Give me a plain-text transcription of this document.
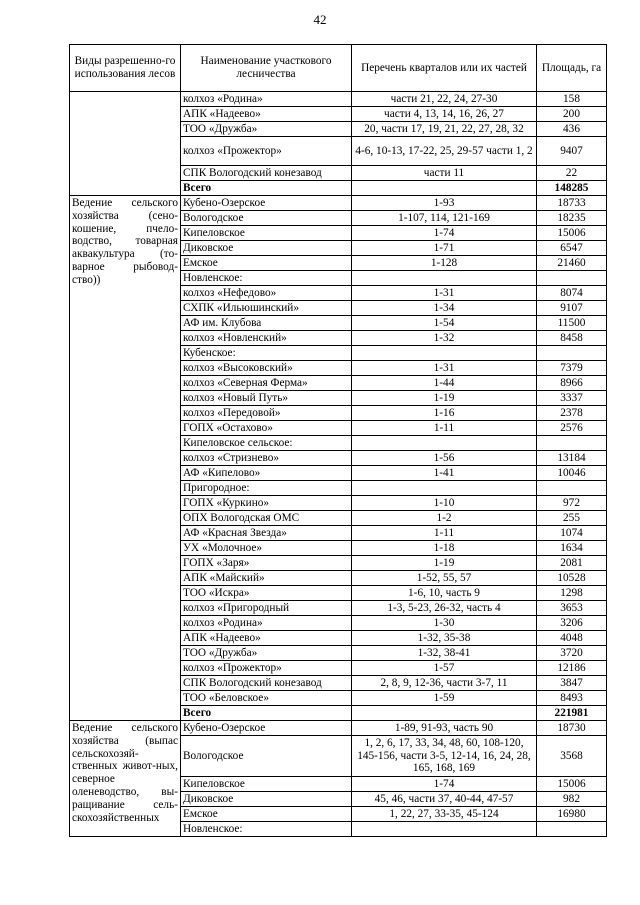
42
Виды разрешенно-го использования лесов	Наименование участкового лесничества	Перечень кварталов или их частей	Площадь, га
	колхоз «Родина»	части 21, 22, 24, 27-30	158
	АПК «Надеево»	части 4, 13, 14, 16, 26, 27	200
	ТОО «Дружба»	20, части 17, 19, 21, 22, 27, 28, 32	436
	колхоз «Прожектор»	4-6, 10-13, 17-22, 25, 29-57 части 1, 2	9407
	СПК Вологодский конезавод	части 11	22
	Всего		148285
Ведение сельского хозяйства (сено-кошение, пчело-водство, товарная аквакультура (то-варное рыбовод-ство))	Кубено-Озерское	1-93	18733
	Вологодское	1-107, 114, 121-169	18235
	Кипеловское	1-74	15006
	Диковское	1-71	6547
	Емское	1-128	21460
	Новленское:		
	колхоз «Нефедово»	1-31	8074
	СХПК «Ильюшинский»	1-34	9107
	АФ им. Клубова	1-54	11500
	колхоз «Новленский»	1-32	8458
	Кубенское:		
	колхоз «Высоковский»	1-31	7379
	колхоз «Северная Ферма»	1-44	8966
	колхоз «Новый Путь»	1-19	3337
	колхоз «Передовой»	1-16	2378
	ГОПХ «Остахово»	1-11	2576
	Кипеловское сельское:		
	колхоз «Стризнево»	1-56	13184
	АФ «Кипелово»	1-41	10046
	Пригородное:		
	ГОПХ «Куркино»	1-10	972
	ОПХ Вологодская ОМС	1-2	255
	АФ «Красная Звезда»	1-11	1074
	УХ «Молочное»	1-18	1634
	ГОПХ «Заря»	1-19	2081
	АПК «Майский»	1-52, 55, 57	10528
	ТОО «Искра»	1-6, 10, часть 9	1298
	колхоз «Пригородный	1-3, 5-23, 26-32, часть 4	3653
	колхоз «Родина»	1-30	3206
	АПК «Надеево»	1-32, 35-38	4048
	ТОО «Дружба»	1-32, 38-41	3720
	колхоз «Прожектор»	1-57	12186
	СПК Вологодский конезавод	2, 8, 9, 12-36, части 3-7, 11	3847
	ТОО «Беловское»	1-59	8493
	Всего		221981
Ведение сельского хозяйства (выпас сельскохозяй-ственных живот-ных, северное оленеводство, вы-ращивание сель-скохозяйственных	Кубено-Озерское	1-89, 91-93, часть 90	18730
	Вологодское	1, 2, 6, 17, 33, 34, 48, 60, 108-120, 145-156, части 3-5, 12-14, 16, 24, 28, 165, 168, 169	3568
	Кипеловское	1-74	15006
	Диковское	45, 46, части 37, 40-44, 47-57	982
	Емское	1, 22, 27, 33-35, 45-124	16980
	Новленское:		
